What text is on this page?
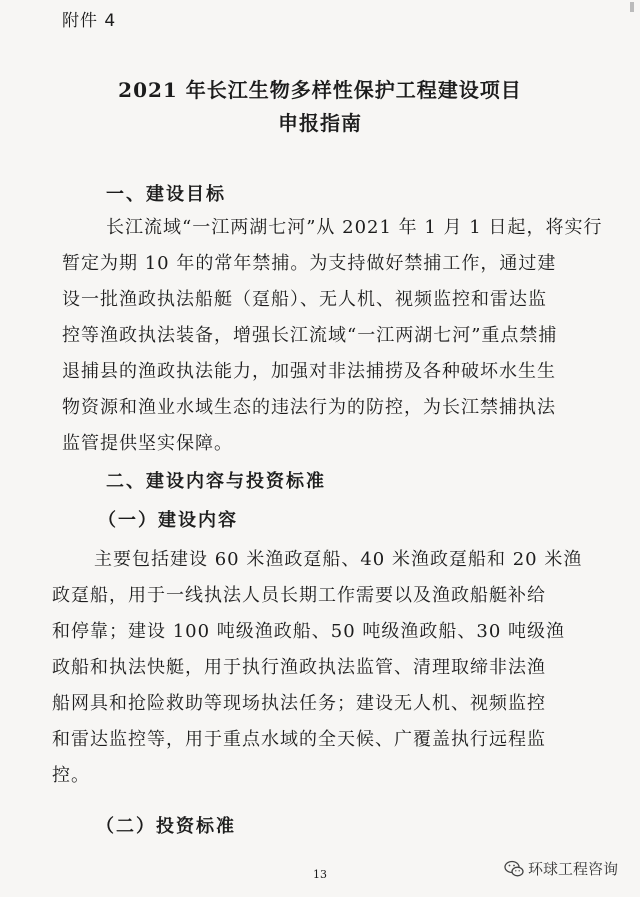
附件 4
2021 年长江生物多样性保护工程建设项目
申报指南
一、建设目标
长江流域“一江两湖七河”从 2021 年 1 月 1 日起，将实行
暂定为期 10 年的常年禁捕。为支持做好禁捕工作，通过建
设一批渔政执法船艇（趸船）、无人机、视频监控和雷达监
控等渔政执法装备，增强长江流域“一江两湖七河”重点禁捕
退捕县的渔政执法能力，加强对非法捕捞及各种破坏水生生
物资源和渔业水域生态的违法行为的防控，为长江禁捕执法
监管提供坚实保障。
二、建设内容与投资标准
（一）建设内容
主要包括建设 60 米渔政趸船、40 米渔政趸船和 20 米渔
政趸船，用于一线执法人员长期工作需要以及渔政船艇补给
和停靠；建设 100 吨级渔政船、50 吨级渔政船、30 吨级渔
政船和执法快艇，用于执行渔政执法监管、清理取缔非法渔
船网具和抢险救助等现场执法任务；建设无人机、视频监控
和雷达监控等，用于重点水域的全天候、广覆盖执行远程监
控。
（二）投资标准
13	环球工程咨询
